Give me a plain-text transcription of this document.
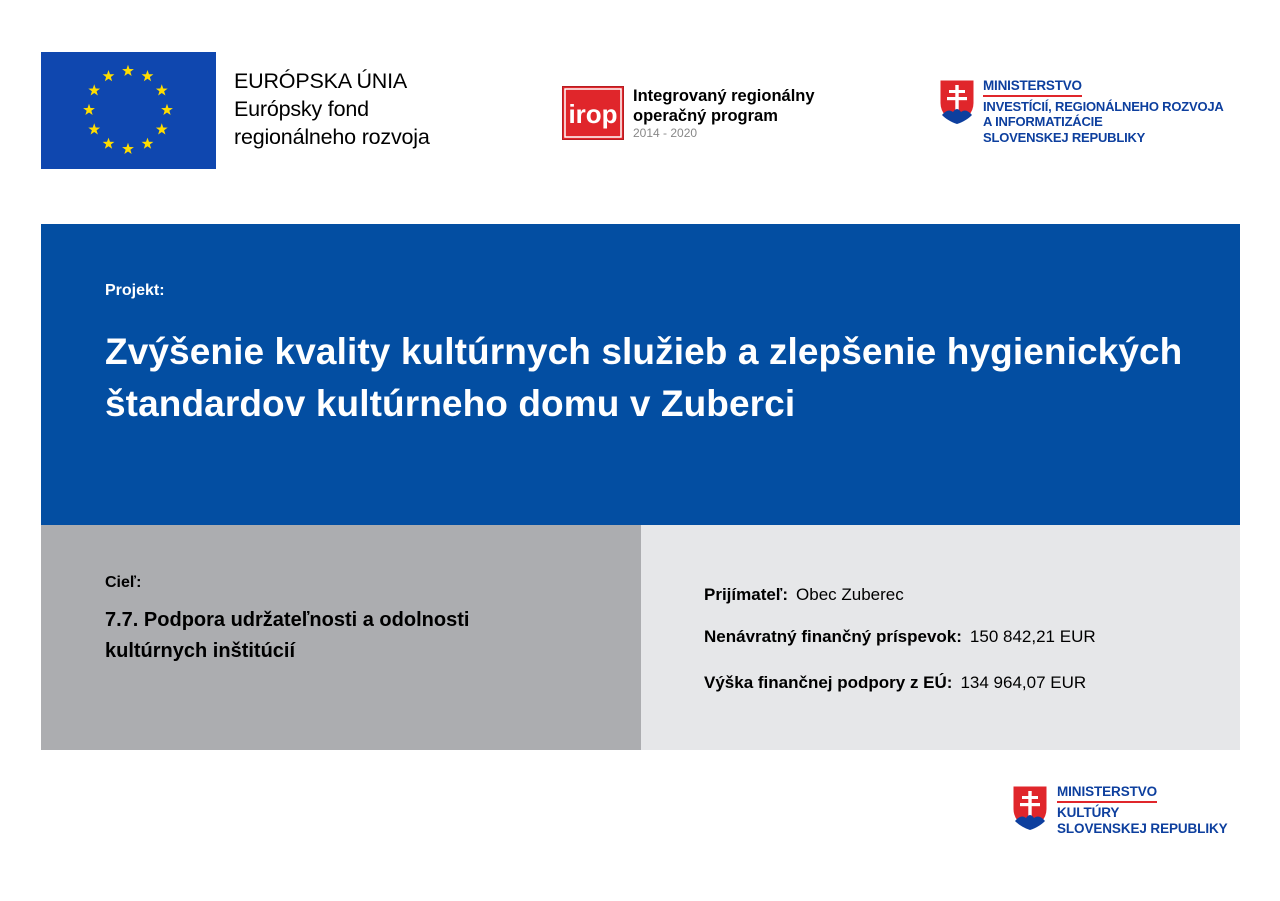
EURÓPSKA ÚNIA
Európsky fond
regionálneho rozvoja
irop
Integrovaný regionálny
operačný program
2014 - 2020
MINISTERSTVO
INVESTÍCIÍ, REGIONÁLNEHO ROZVOJA
A INFORMATIZÁCIE
SLOVENSKEJ REPUBLIKY
Projekt:
Zvýšenie kvality kultúrnych služieb a zlepšenie hygienických štandardov kultúrneho domu v Zuberci
Cieľ:
7.7. Podpora udržateľnosti a odolnosti kultúrnych inštitúcií
Prijímateľ: Obec Zuberec
Nenávratný finančný príspevok: 150 842,21 EUR
Výška finančnej podpory z EÚ: 134 964,07 EUR
MINISTERSTVO
KULTÚRY
SLOVENSKEJ REPUBLIKY
